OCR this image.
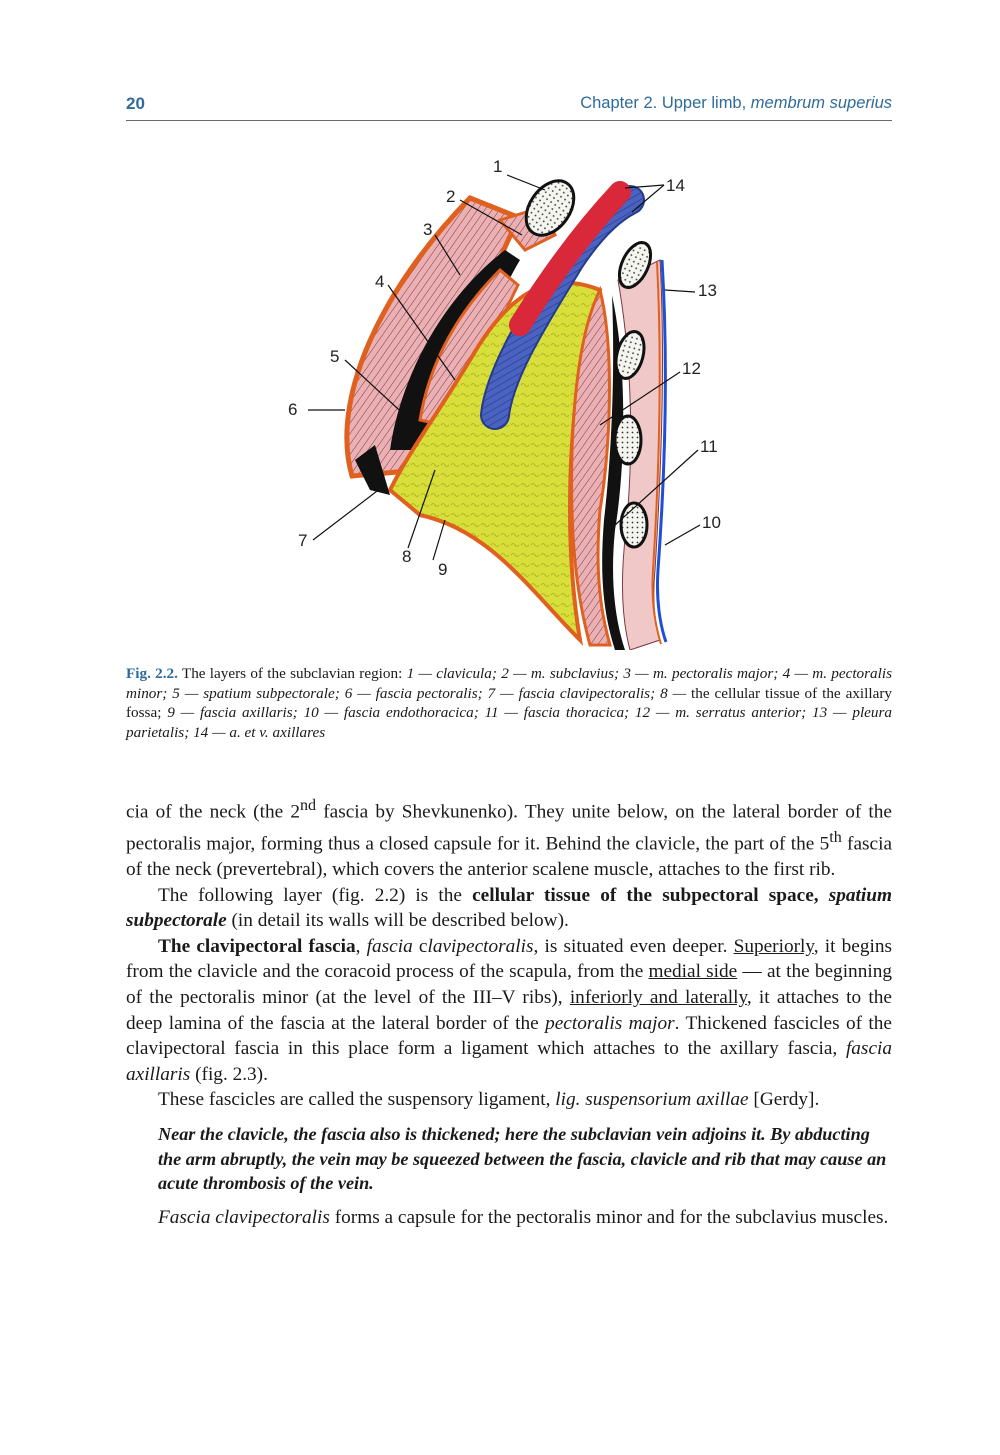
20	Chapter 2. Upper limb, membrum superius
1
2
3
4
5
6
7
8
9
10
11
12
13
14
Fig. 2.2. The layers of the subclavian region: 1 — clavicula; 2 — m. subclavius; 3 — m. pectoralis major; 4 — m. pectoralis minor; 5 — spatium subpectorale; 6 — fascia pectoralis; 7 — fascia clavipectoralis; 8 — the cellular tissue of the axillary fossa; 9 — fascia axillaris; 10 — fascia endothoracica; 11 — fascia thoracica; 12 — m. serratus anterior; 13 — pleura parietalis; 14 — a. et v. axillares

cia of the neck (the 2nd fascia by Shevkunenko). They unite below, on the lateral border of the pectoralis major, forming thus a closed capsule for it. Behind the clavicle, the part of the 5th fascia of the neck (prevertebral), which covers the anterior scalene muscle, attaches to the first rib.

The following layer (fig. 2.2) is the cellular tissue of the subpectoral space, spatium subpectorale (in detail its walls will be described below).

The clavipectoral fascia, fascia clavipectoralis, is situated even deeper. Superiorly, it begins from the clavicle and the coracoid process of the scapula, from the medial side — at the beginning of the pectoralis minor (at the level of the III–V ribs), inferiorly and laterally, it attaches to the deep lamina of the fascia at the lateral border of the pectoralis major. Thickened fascicles of the clavipectoral fascia in this place form a ligament which attaches to the axillary fascia, fascia axillaris (fig. 2.3).

These fascicles are called the suspensory ligament, lig. suspensorium axillae [Gerdy].

Near the clavicle, the fascia also is thickened; here the subclavian vein adjoins it. By abducting the arm abruptly, the vein may be squeezed between the fascia, clavicle and rib that may cause an acute thrombosis of the vein.

Fascia clavipectoralis forms a capsule for the pectoralis minor and for the subclavius muscles.
